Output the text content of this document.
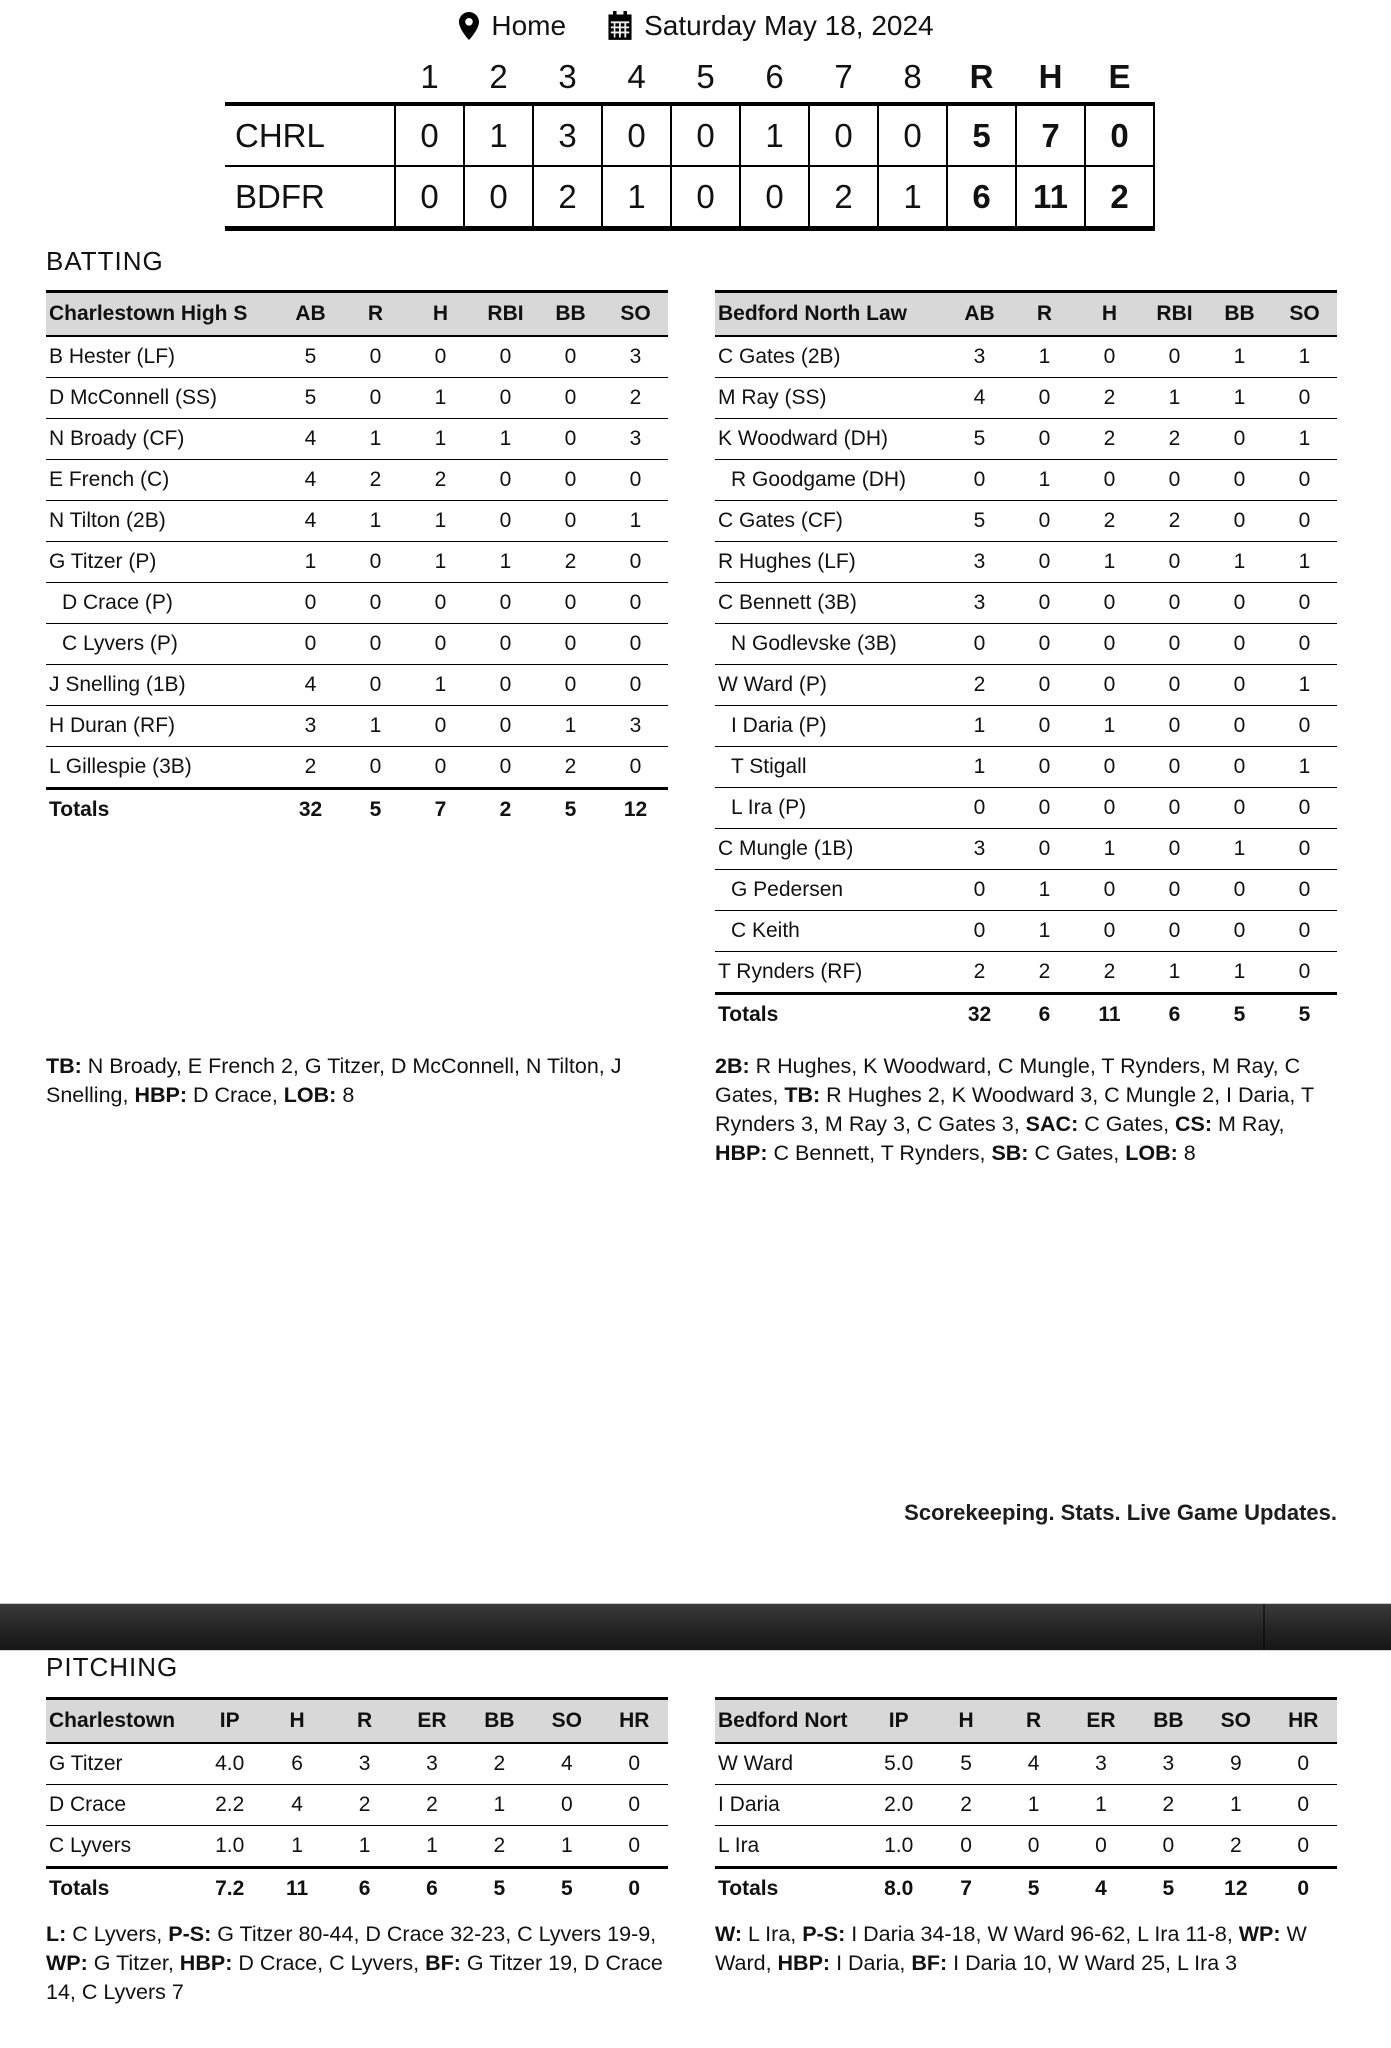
Home	Saturday May 18, 2024
	1	2	3	4	5	6	7	8	R	H	E
CHRL	0	1	3	0	0	1	0	0	5	7	0
BDFR	0	0	2	1	0	0	2	1	6	11	2
BATTING
Charlestown High S	AB	R	H	RBI	BB	SO
B Hester (LF)	5	0	0	0	0	3
D McConnell (SS)	5	0	1	0	0	2
N Broady (CF)	4	1	1	1	0	3
E French (C)	4	2	2	0	0	0
N Tilton (2B)	4	1	1	0	0	1
G Titzer (P)	1	0	1	1	2	0
D Crace (P)	0	0	0	0	0	0
C Lyvers (P)	0	0	0	0	0	0
J Snelling (1B)	4	0	1	0	0	0
H Duran (RF)	3	1	0	0	1	3
L Gillespie (3B)	2	0	0	0	2	0
Totals	32	5	7	2	5	12
Bedford North Law	AB	R	H	RBI	BB	SO
C Gates (2B)	3	1	0	0	1	1
M Ray (SS)	4	0	2	1	1	0
K Woodward (DH)	5	0	2	2	0	1
R Goodgame (DH)	0	1	0	0	0	0
C Gates (CF)	5	0	2	2	0	0
R Hughes (LF)	3	0	1	0	1	1
C Bennett (3B)	3	0	0	0	0	0
N Godlevske (3B)	0	0	0	0	0	0
W Ward (P)	2	0	0	0	0	1
I Daria (P)	1	0	1	0	0	0
T Stigall	1	0	0	0	0	1
L Ira (P)	0	0	0	0	0	0
C Mungle (1B)	3	0	1	0	1	0
G Pedersen	0	1	0	0	0	0
C Keith	0	1	0	0	0	0
T Rynders (RF)	2	2	2	1	1	0
Totals	32	6	11	6	5	5
TB: N Broady, E French 2, G Titzer, D McConnell, N Tilton, J Snelling, HBP: D Crace, LOB: 8
2B: R Hughes, K Woodward, C Mungle, T Rynders, M Ray, C Gates, TB: R Hughes 2, K Woodward 3, C Mungle 2, I Daria, T Rynders 3, M Ray 3, C Gates 3, SAC: C Gates, CS: M Ray, HBP: C Bennett, T Rynders, SB: C Gates, LOB: 8
Scorekeeping. Stats. Live Game Updates.
PITCHING
Charlestown	IP	H	R	ER	BB	SO	HR
G Titzer	4.0	6	3	3	2	4	0
D Crace	2.2	4	2	2	1	0	0
C Lyvers	1.0	1	1	1	2	1	0
Totals	7.2	11	6	6	5	5	0
Bedford Nort	IP	H	R	ER	BB	SO	HR
W Ward	5.0	5	4	3	3	9	0
I Daria	2.0	2	1	1	2	1	0
L Ira	1.0	0	0	0	0	2	0
Totals	8.0	7	5	4	5	12	0
L: C Lyvers, P-S: G Titzer 80-44, D Crace 32-23, C Lyvers 19-9, WP: G Titzer, HBP: D Crace, C Lyvers, BF: G Titzer 19, D Crace 14, C Lyvers 7
W: L Ira, P-S: I Daria 34-18, W Ward 96-62, L Ira 11-8, WP: W Ward, HBP: I Daria, BF: I Daria 10, W Ward 25, L Ira 3
